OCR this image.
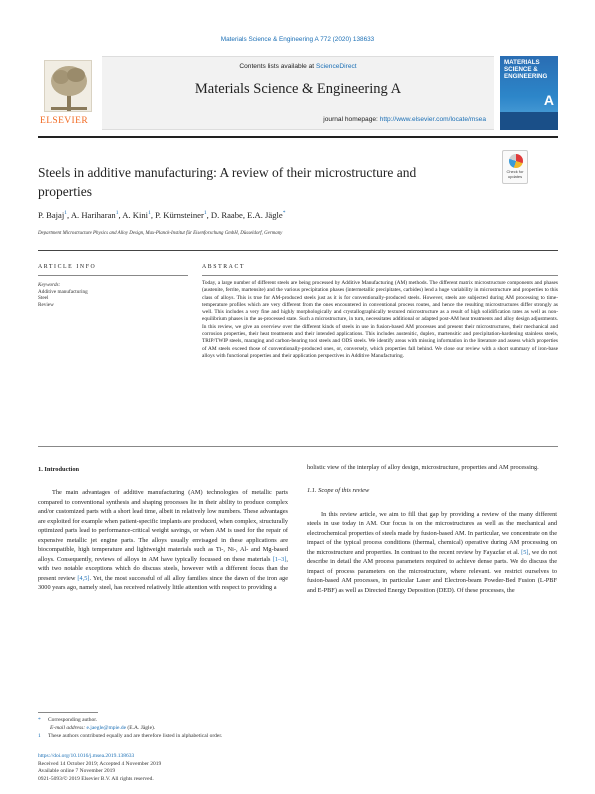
Materials Science & Engineering A 772 (2020) 138633
ELSEVIER
Contents lists available at ScienceDirect
Materials Science & Engineering A
journal homepage: http://www.elsevier.com/locate/msea
MATERIALS SCIENCE & ENGINEERING
A
Steels in additive manufacturing: A review of their microstructure and properties
Check for updates
P. Bajaj$^1$, A. Hariharan$^1$, A. Kini$^1$, P. Kürnsteiner$^1$, D. Raabe, E.A. Jägle*
Department Microstructure Physics and Alloy Design, Max-Planck-Institut für Eisenforschung GmbH, Düsseldorf, Germany
ARTICLE INFO	ABSTRACT
Keywords:
Additive manufacturing
Steel
Review
Today, a large number of different steels are being processed by Additive Manufacturing (AM) methods. The different matrix microstructure components and phases (austenite, ferrite, martensite) and the various precipitation phases (intermetallic precipitates, carbides) lend a huge variability in microstructure and properties to this class of alloys. This is true for AM-produced steels just as it is for conventionally-produced steels. However, steels are subjected during AM processing to time-temperature profiles which are very different from the ones encountered in conventional process routes, and hence the resulting microstructures differ strongly as well. This includes a very fine and highly morphologically and crystallographically textured microstructure as a result of high solidification rates as well as non-equilibrium phases in the as-processed state. Such a microstructure, in turn, necessitates additional or adapted post-AM heat treatments and alloy design adjustments. In this review, we give an overview over the different kinds of steels in use in fusion-based AM processes and present their microstructures, their mechanical and corrosion properties, their heat treatments and their intended applications. This includes austenitic, duplex, martensitic and precipitation-hardening stainless steels, TRIP/TWIP steels, maraging and carbon-bearing tool steels and ODS steels. We identify areas with missing information in the literature and assess which properties of AM steels exceed those of conventionally-produced ones, or, conversely, which properties fall behind. We close our review with a short summary of iron-base alloys with functional properties and their application perspectives in Additive Manufacturing.
1. Introduction

The main advantages of additive manufacturing (AM) technologies of metallic parts compared to conventional synthesis and shaping processes lie in their ability to produce complex and/or customized parts with a short lead time, albeit in relatively low numbers. These advantages are exploited for example when patient-specific implants are produced, when complex, structurally optimized parts lead to performance-critical weight savings, or when AM is used for the repair of expensive metallic jet engine parts. The alloys usually envisaged in these applications are biocompatible, high temperature and lightweight materials such as Ti-, Ni-, Al- and Mg-based alloys. Consequently, reviews of alloys in AM have typically focussed on these materials [1–3], with two notable exceptions which do discuss steels, however with a different focus than the present review [4,5]. Yet, the most successful of all alloy families since the dawn of the iron age 3000 years ago, namely steel, has received relatively little attention with respect to providing a

holistic view of the interplay of alloy design, microstructure, properties and AM processing.
1.1. Scope of this review

In this review article, we aim to fill that gap by providing a review of the many different steels in use today in AM. Our focus is on the microstructures as well as the mechanical and electrochemical properties of steels made by fusion-based AM. In particular, we concentrate on the impact of the typical process conditions (thermal, chemical) operative during AM processing on the microstructure and properties. In contrast to the recent review by Fayazfar et al. [5], we do not describe in detail the AM process parameters required to achieve dense parts. We do discuss the impact of process parameters on the microstructure, where relevant. we restrict ourselves to fusion-based AM processes, in particular Laser and Electron-beam Powder-Bed Fusion (L-PBF and E-PBF) as well as Directed Energy Deposition (DED). Of these processes, the

* Corresponding author.
E-mail address: e.jaegle@mpie.de (E.A. Jägle).
1 These authors contributed equally and are therefore listed in alphabetical order.
https://doi.org/10.1016/j.msea.2019.138633
Received 14 October 2019; Accepted 4 November 2019
Available online 7 November 2019
0921-5093/© 2019 Elsevier B.V. All rights reserved.
